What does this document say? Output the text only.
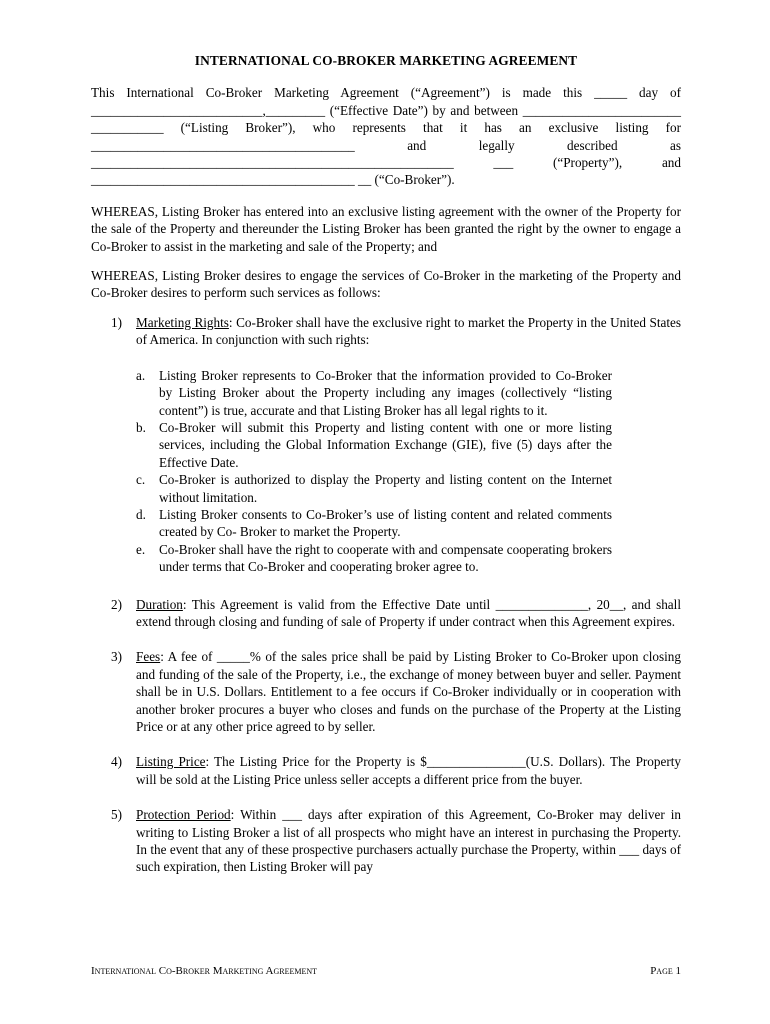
INTERNATIONAL CO-BROKER MARKETING AGREEMENT

This International Co-Broker Marketing Agreement (“Agreement”) is made this _____ day of __________________________,_________ (“Effective Date”) by and between ________________________ ___________ (“Listing Broker”), who represents that it has an exclusive listing for ________________________________________ and legally described as _______________________________________________________ ___ (“Property”), and ________________________________________ __ (“Co-Broker”).

WHEREAS, Listing Broker has entered into an exclusive listing agreement with the owner of the Property for the sale of the Property and thereunder the Listing Broker has been granted the right by the owner to engage a Co-Broker to assist in the marketing and sale of the Property; and

WHEREAS, Listing Broker desires to engage the services of Co-Broker in the marketing of the Property and Co-Broker desires to perform such services as follows:

1) Marketing Rights: Co-Broker shall have the exclusive right to market the Property in the United States of America. In conjunction with such rights:

a. Listing Broker represents to Co-Broker that the information provided to Co-Broker by Listing Broker about the Property including any images (collectively “listing content”) is true, accurate and that Listing Broker has all legal rights to it.

b. Co-Broker will submit this Property and listing content with one or more listing services, including the Global Information Exchange (GIE), five (5) days after the Effective Date.

c. Co-Broker is authorized to display the Property and listing content on the Internet without limitation.

d. Listing Broker consents to Co-Broker’s use of listing content and related comments created by Co- Broker to market the Property.

e. Co-Broker shall have the right to cooperate with and compensate cooperating brokers under terms that Co-Broker and cooperating broker agree to.

2) Duration: This Agreement is valid from the Effective Date until ______________, 20__, and shall extend through closing and funding of sale of Property if under contract when this Agreement expires.

3) Fees: A fee of _____% of the sales price shall be paid by Listing Broker to Co-Broker upon closing and funding of the sale of the Property, i.e., the exchange of money between buyer and seller. Payment shall be in U.S. Dollars. Entitlement to a fee occurs if Co-Broker individually or in cooperation with another broker procures a buyer who closes and funds on the purchase of the Property at the Listing Price or at any other price agreed to by seller.

4) Listing Price: The Listing Price for the Property is $_______________(U.S. Dollars). The Property will be sold at the Listing Price unless seller accepts a different price from the buyer.

5) Protection Period: Within ___ days after expiration of this Agreement, Co-Broker may deliver in writing to Listing Broker a list of all prospects who might have an interest in purchasing the Property. In the event that any of these prospective purchasers actually purchase the Property, within ___ days of such expiration, then Listing Broker will pay

International Co-Broker Marketing Agreement	Page 1
